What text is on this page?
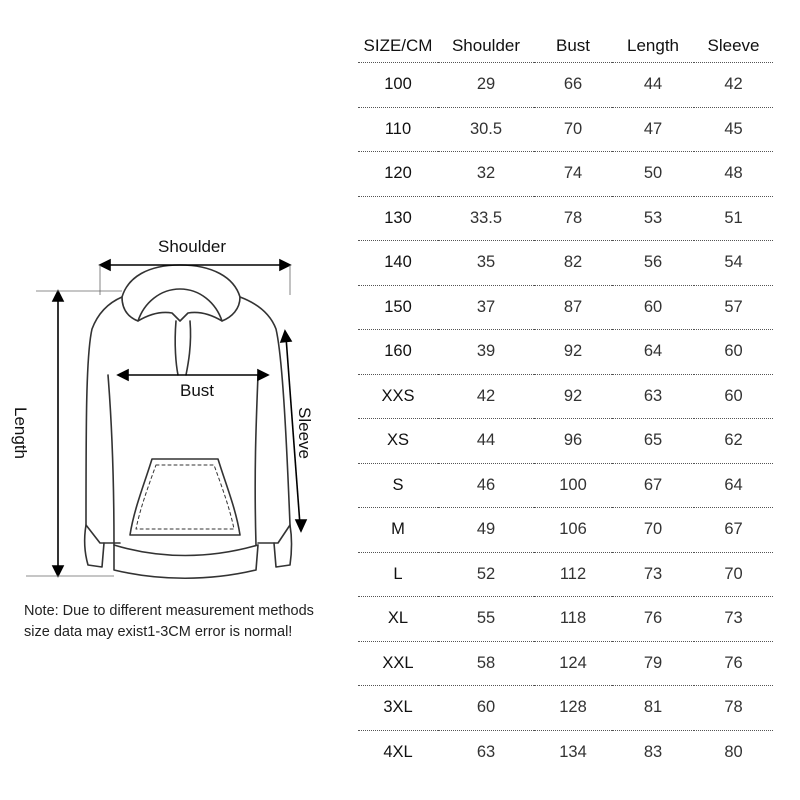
Shoulder
Bust
Length	Sleeve
Note: Due to different measurement methods
size data may exist1-3CM error is normal!
SIZE/CM	Shoulder	Bust	Length	Sleeve
100	29	66	44	42
110	30.5	70	47	45
120	32	74	50	48
130	33.5	78	53	51
140	35	82	56	54
150	37	87	60	57
160	39	92	64	60
XXS	42	92	63	60
XS	44	96	65	62
S	46	100	67	64
M	49	106	70	67
L	52	112	73	70
XL	55	118	76	73
XXL	58	124	79	76
3XL	60	128	81	78
4XL	63	134	83	80
